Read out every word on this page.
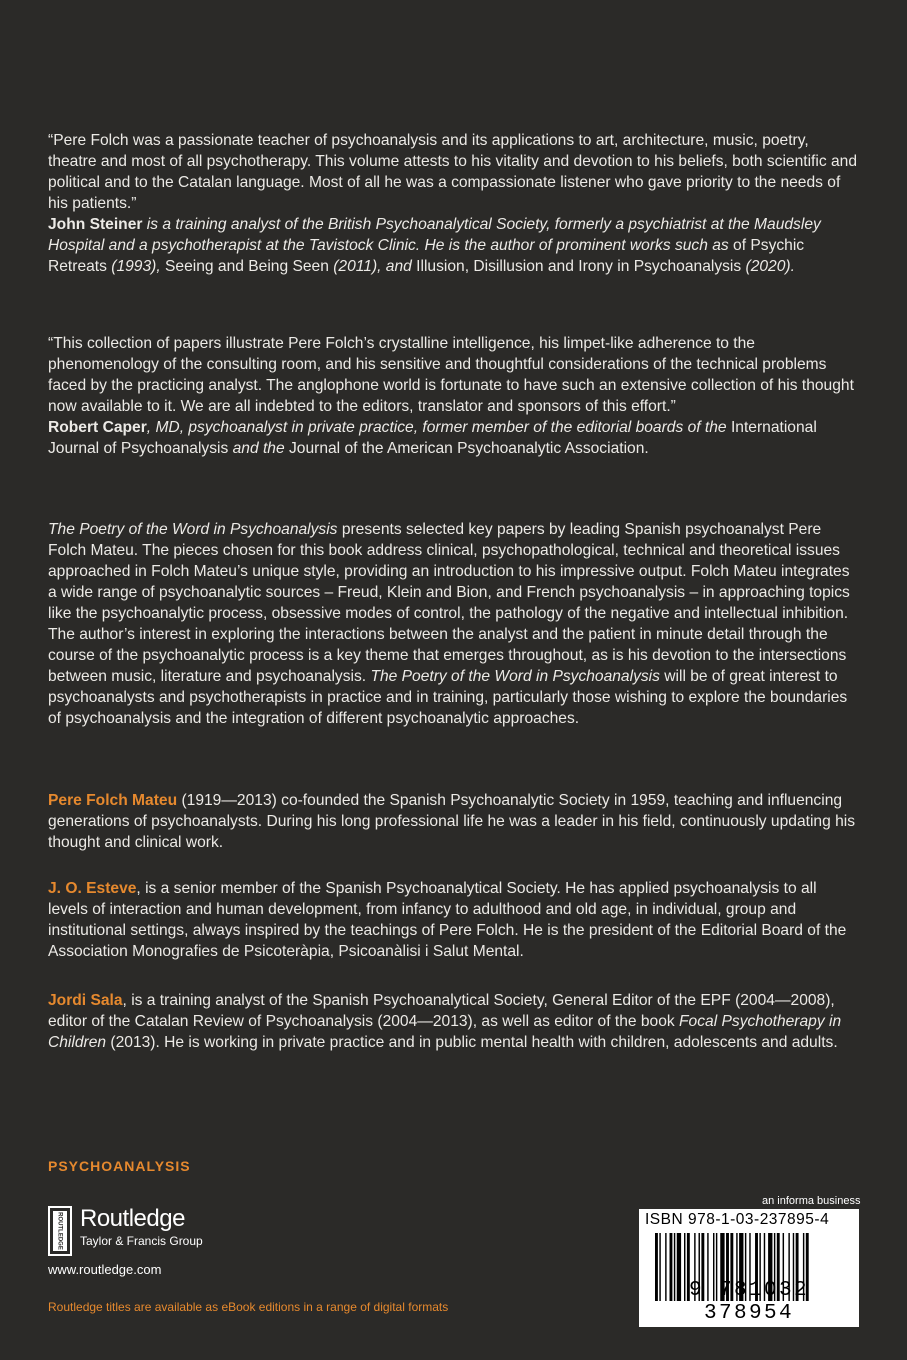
“Pere Folch was a passionate teacher of psychoanalysis and its applications to art, architecture, music, poetry, theatre and most of all psychotherapy. This volume attests to his vitality and devotion to his beliefs, both scientific and political and to the Catalan language. Most of all he was a compassionate listener who gave priority to the needs of his patients.”
John Steiner is a training analyst of the British Psychoanalytical Society, formerly a psychiatrist at the Maudsley Hospital and a psychotherapist at the Tavistock Clinic. He is the author of prominent works such as of Psychic Retreats (1993), Seeing and Being Seen (2011), and Illusion, Disillusion and Irony in Psychoanalysis (2020).

“This collection of papers illustrate Pere Folch’s crystalline intelligence, his limpet-like adherence to the phenomenology of the consulting room, and his sensitive and thoughtful considerations of the technical problems faced by the practicing analyst. The anglophone world is fortunate to have such an extensive collection of his thought now available to it. We are all indebted to the editors, translator and sponsors of this effort.”
Robert Caper, MD, psychoanalyst in private practice, former member of the editorial boards of the International Journal of Psychoanalysis and the Journal of the American Psychoanalytic Association.

The Poetry of the Word in Psychoanalysis presents selected key papers by leading Spanish psychoanalyst Pere Folch Mateu. The pieces chosen for this book address clinical, psychopathological, technical and theoretical issues approached in Folch Mateu’s unique style, providing an introduction to his impressive output. Folch Mateu integrates a wide range of psychoanalytic sources – Freud, Klein and Bion, and French psychoanalysis – in approaching topics like the psychoanalytic process, obsessive modes of control, the pathology of the negative and intellectual inhibition. The author’s interest in exploring the interactions between the analyst and the patient in minute detail through the course of the psychoanalytic process is a key theme that emerges throughout, as is his devotion to the intersections between music, literature and psychoanalysis. The Poetry of the Word in Psychoanalysis will be of great interest to psychoanalysts and psychotherapists in practice and in training, particularly those wishing to explore the boundaries of psychoanalysis and the integration of different psychoanalytic approaches.

Pere Folch Mateu (1919—2013) co-founded the Spanish Psychoanalytic Society in 1959, teaching and influencing generations of psychoanalysts. During his long professional life he was a leader in his field, continuously updating his thought and clinical work.

J. O. Esteve, is a senior member of the Spanish Psychoanalytical Society. He has applied psychoanalysis to all levels of interaction and human development, from infancy to adulthood and old age, in individual, group and institutional settings, always inspired by the teachings of Pere Folch. He is the president of the Editorial Board of the Association Monografies de Psicoteràpia, Psicoanàlisi i Salut Mental.

Jordi Sala, is a training analyst of the Spanish Psychoanalytical Society, General Editor of the EPF (2004—2008), editor of the Catalan Review of Psychoanalysis (2004—2013), as well as editor of the book Focal Psychotherapy in Children (2013). He is working in private practice and in public mental health with children, adolescents and adults.

PSYCHOANALYSIS
ROUTLEDGE Routledge
Taylor & Francis Group
www.routledge.com
Routledge titles are available as eBook editions in a range of digital formats
an informa business
ISBN 978-1-03-237895-4
9 781032 378954
